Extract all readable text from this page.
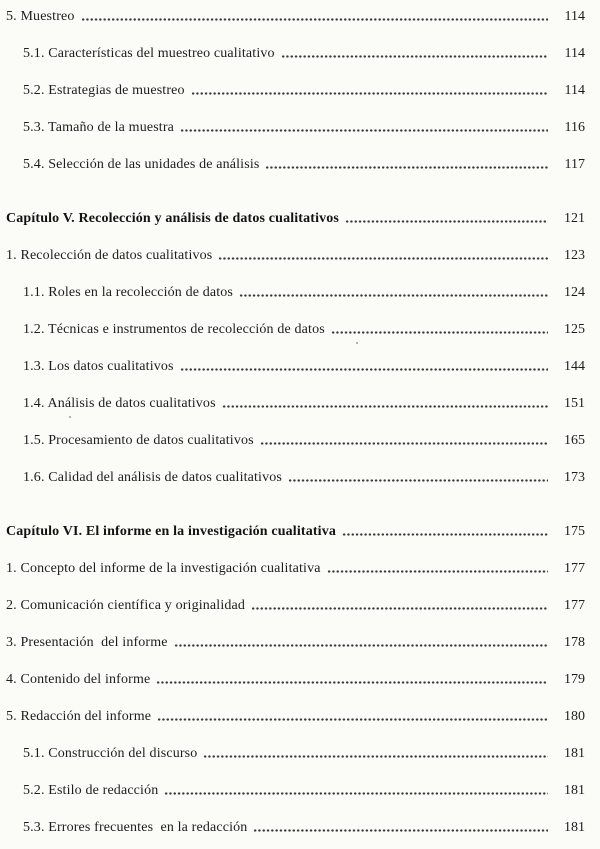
5. Muestreo	114
5.1. Características del muestreo cualitativo	114
5.2. Estrategias de muestreo	114
5.3. Tamaño de la muestra	116
5.4. Selección de las unidades de análisis	117
Capítulo V. Recolección y análisis de datos cualitativos	121
1. Recolección de datos cualitativos	123
1.1. Roles en la recolección de datos	124
1.2. Técnicas e instrumentos de recolección de datos	125
1.3. Los datos cualitativos	144
1.4. Análisis de datos cualitativos	151
1.5. Procesamiento de datos cualitativos	165
1.6. Calidad del análisis de datos cualitativos	173
Capítulo VI. El informe en la investigación cualitativa	175
1. Concepto del informe de la investigación cualitativa	177
2. Comunicación científica y originalidad	177
3. Presentación  del informe	178
4. Contenido del informe	179
5. Redacción del informe	180
5.1. Construcción del discurso	181
5.2. Estilo de redacción	181
5.3. Errores frecuentes  en la redacción	181
